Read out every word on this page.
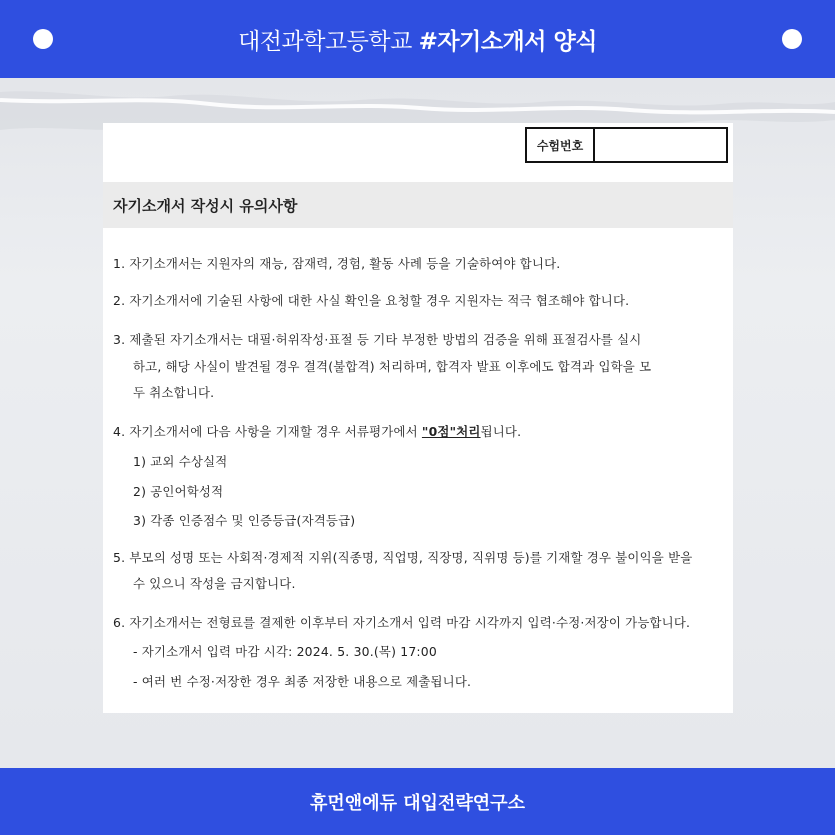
대전과학고등학교 #자기소개서 양식
수험번호
자기소개서 작성시 유의사항
1. 자기소개서는 지원자의 재능, 잠재력, 경험, 활동 사례 등을 기술하여야 합니다.
2. 자기소개서에 기술된 사항에 대한 사실 확인을 요청할 경우 지원자는 적극 협조해야 합니다.
3. 제출된 자기소개서는 대필·허위작성·표절 등 기타 부정한 방법의 검증을 위해 표절검사를 실시
하고, 해당 사실이 발견될 경우 결격(불합격) 처리하며, 합격자 발표 이후에도 합격과 입학을 모
두 취소합니다.
4. 자기소개서에 다음 사항을 기재할 경우 서류평가에서 "0점"처리됩니다.
1) 교외 수상실적
2) 공인어학성적
3) 각종 인증점수 및 인증등급(자격등급)
5. 부모의 성명 또는 사회적·경제적 지위(직종명, 직업명, 직장명, 직위명 등)를 기재할 경우 불이익을 받을
수 있으니 작성을 금지합니다.
6. 자기소개서는 전형료를 결제한 이후부터 자기소개서 입력 마감 시각까지 입력·수정·저장이 가능합니다.
- 자기소개서 입력 마감 시각: 2024. 5. 30.(목) 17:00
- 여러 번 수정·저장한 경우 최종 저장한 내용으로 제출됩니다.
휴먼앤에듀 대입전략연구소
